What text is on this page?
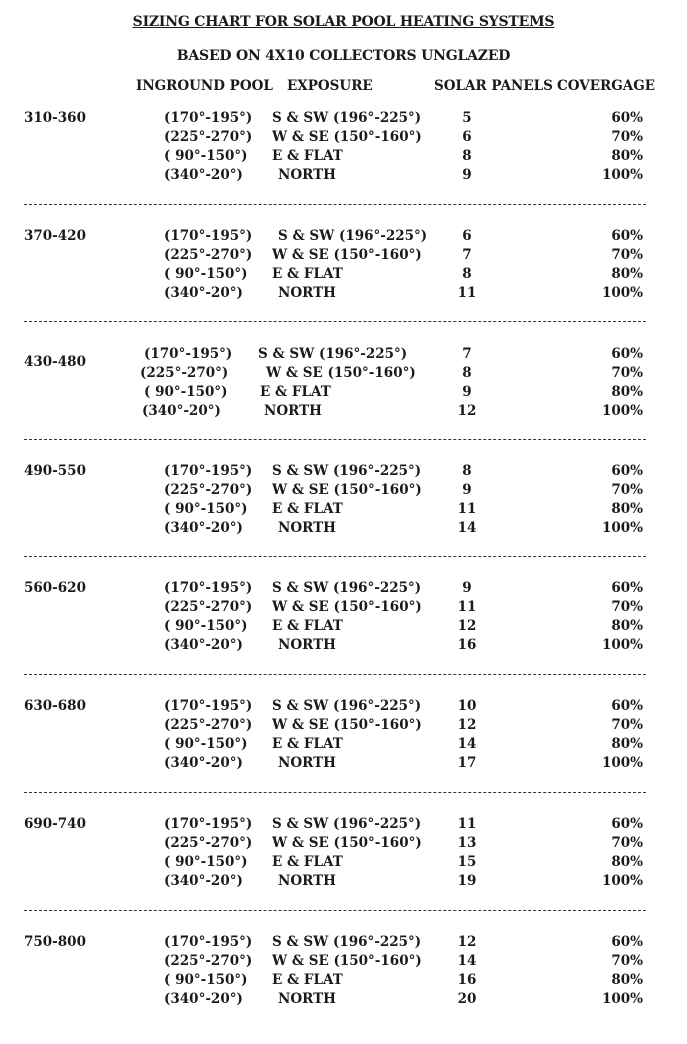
SIZING CHART FOR SOLAR POOL HEATING SYSTEMS
BASED ON 4X10 COLLECTORS UNGLAZED
INGROUND POOL EXPOSURE	SOLAR PANELS COVERGAGE
310-360	(170°-195°) S & SW (196°-225°)	5	60%
(225°-270°) W & SE (150°-160°)	6	70%
( 90°-150°) E & FLAT	8	80%
(340°-20°)	NORTH	9	100%
370-420	(170°-195°) S & SW (196°-225°)	6	60%
(225°-270°) W & SE (150°-160°)	7	70%
( 90°-150°) E & FLAT	8	80%
(340°-20°)	NORTH	11	100%
430-480	(170°-195°) S & SW (196°-225°)	7	60%
(225°-270°)	W & SE (150°-160°)	8	70%
( 90°-150°) E & FLAT	9	80%
(340°-20°)	NORTH	12	100%
490-550	(170°-195°) S & SW (196°-225°)	8	60%
(225°-270°) W & SE (150°-160°)	9	70%
( 90°-150°) E & FLAT	11	80%
(340°-20°)	NORTH	14	100%
560-620	(170°-195°) S & SW (196°-225°)	9	60%
(225°-270°) W & SE (150°-160°)	11	70%
( 90°-150°) E & FLAT	12	80%
(340°-20°)	NORTH	16	100%
630-680	(170°-195°) S & SW (196°-225°)	10	60%
(225°-270°) W & SE (150°-160°)	12	70%
( 90°-150°) E & FLAT	14	80%
(340°-20°)	NORTH	17	100%
690-740	(170°-195°) S & SW (196°-225°)	11	60%
(225°-270°) W & SE (150°-160°)	13	70%
( 90°-150°) E & FLAT	15	80%
(340°-20°)	NORTH	19	100%
750-800	(170°-195°) S & SW (196°-225°)	12	60%
(225°-270°) W & SE (150°-160°)	14	70%
( 90°-150°) E & FLAT	16	80%
(340°-20°)	NORTH	20	100%
